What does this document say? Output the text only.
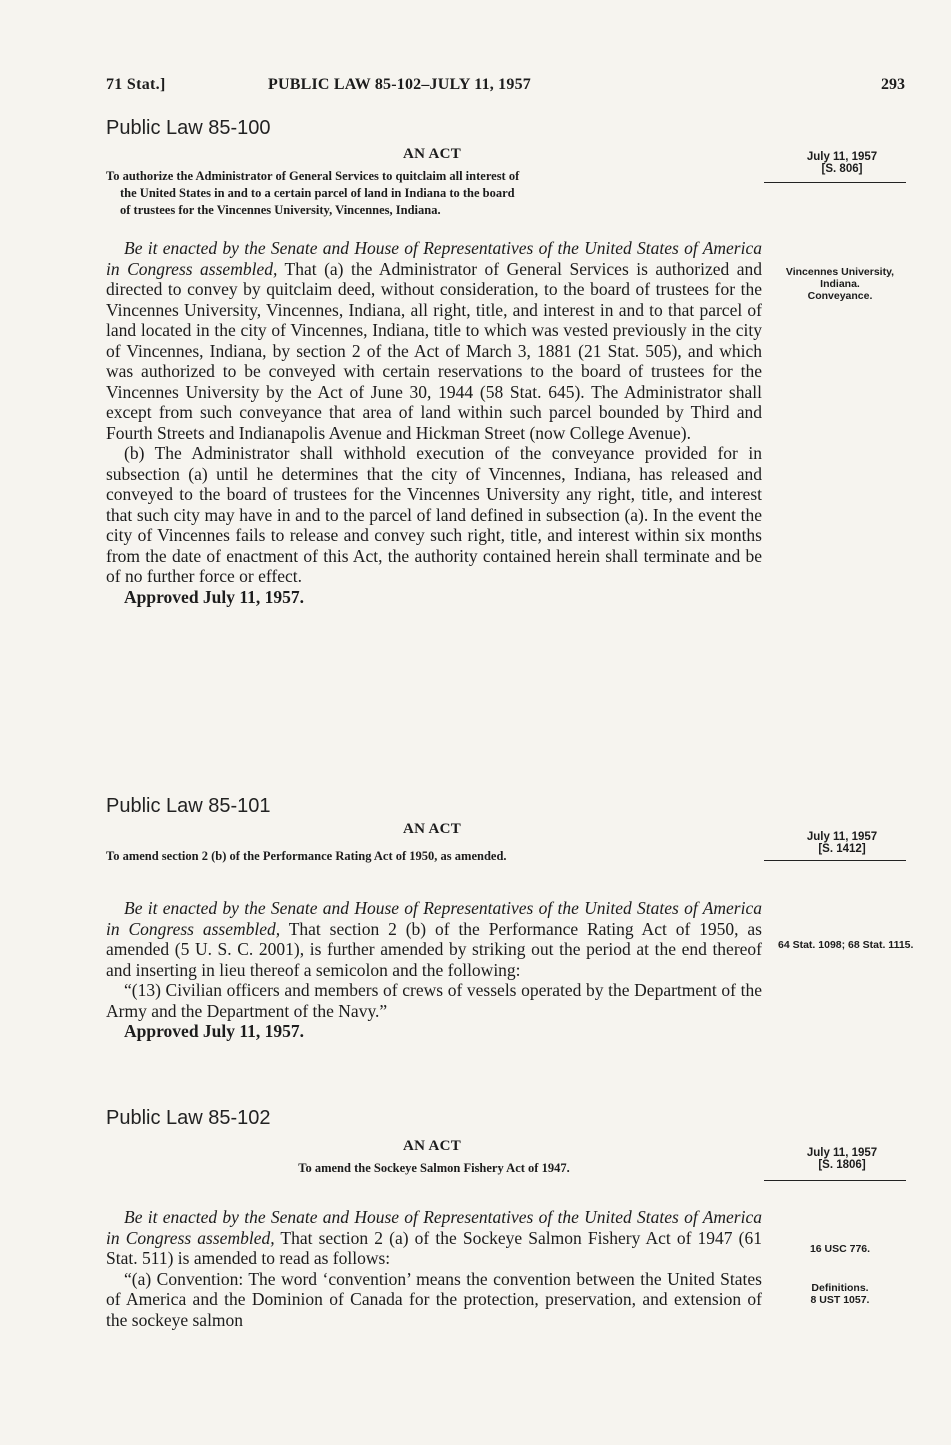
71 Stat.]	PUBLIC LAW 85-102–JULY 11, 1957	293
Public Law 85-100
AN ACT
To authorize the Administrator of General Services to quitclaim all interest of
the United States in and to a certain parcel of land in Indiana to the board
of trustees for the Vincennes University, Vincennes, Indiana.
July 11, 1957
[S. 806]

Be it enacted by the Senate and House of Representatives of the United States of America in Congress assembled, That (a) the Administrator of General Services is authorized and directed to convey by quitclaim deed, without consideration, to the board of trustees for the Vincennes University, Vincennes, Indiana, all right, title, and interest in and to that parcel of land located in the city of Vincennes, Indiana, title to which was vested previously in the city of Vincennes, Indiana, by section 2 of the Act of March 3, 1881 (21 Stat. 505), and which was authorized to be conveyed with certain reservations to the board of trustees for the Vincennes University by the Act of June 30, 1944 (58 Stat. 645). The Administrator shall except from such conveyance that area of land within such parcel bounded by Third and Fourth Streets and Indianapolis Avenue and Hickman Street (now College Avenue).

(b) The Administrator shall withhold execution of the conveyance provided for in subsection (a) until he determines that the city of Vincennes, Indiana, has released and conveyed to the board of trustees for the Vincennes University any right, title, and interest that such city may have in and to the parcel of land defined in subsection (a). In the event the city of Vincennes fails to release and convey such right, title, and interest within six months from the date of enactment of this Act, the authority contained herein shall terminate and be of no further force or effect.

Approved July 11, 1957.

Vincennes University, Indiana.
Conveyance.
Public Law 85-101
AN ACT
To amend section 2 (b) of the Performance Rating Act of 1950, as amended.
July 11, 1957
[S. 1412]

Be it enacted by the Senate and House of Representatives of the United States of America in Congress assembled, That section 2 (b) of the Performance Rating Act of 1950, as amended (5 U. S. C. 2001), is further amended by striking out the period at the end thereof and inserting in lieu thereof a semicolon and the following:

“(13) Civilian officers and members of crews of vessels operated by the Department of the Army and the Department of the Navy.”

Approved July 11, 1957.

64 Stat. 1098; 68 Stat. 1115.
Public Law 85-102
AN ACT
To amend the Sockeye Salmon Fishery Act of 1947.
July 11, 1957
[S. 1806]

Be it enacted by the Senate and House of Representatives of the United States of America in Congress assembled, That section 2 (a) of the Sockeye Salmon Fishery Act of 1947 (61 Stat. 511) is amended to read as follows:

“(a) Convention: The word ‘convention’ means the convention between the United States of America and the Dominion of Canada for the protection, preservation, and extension of the sockeye salmon

16 USC 776.
Definitions.
8 UST 1057.
